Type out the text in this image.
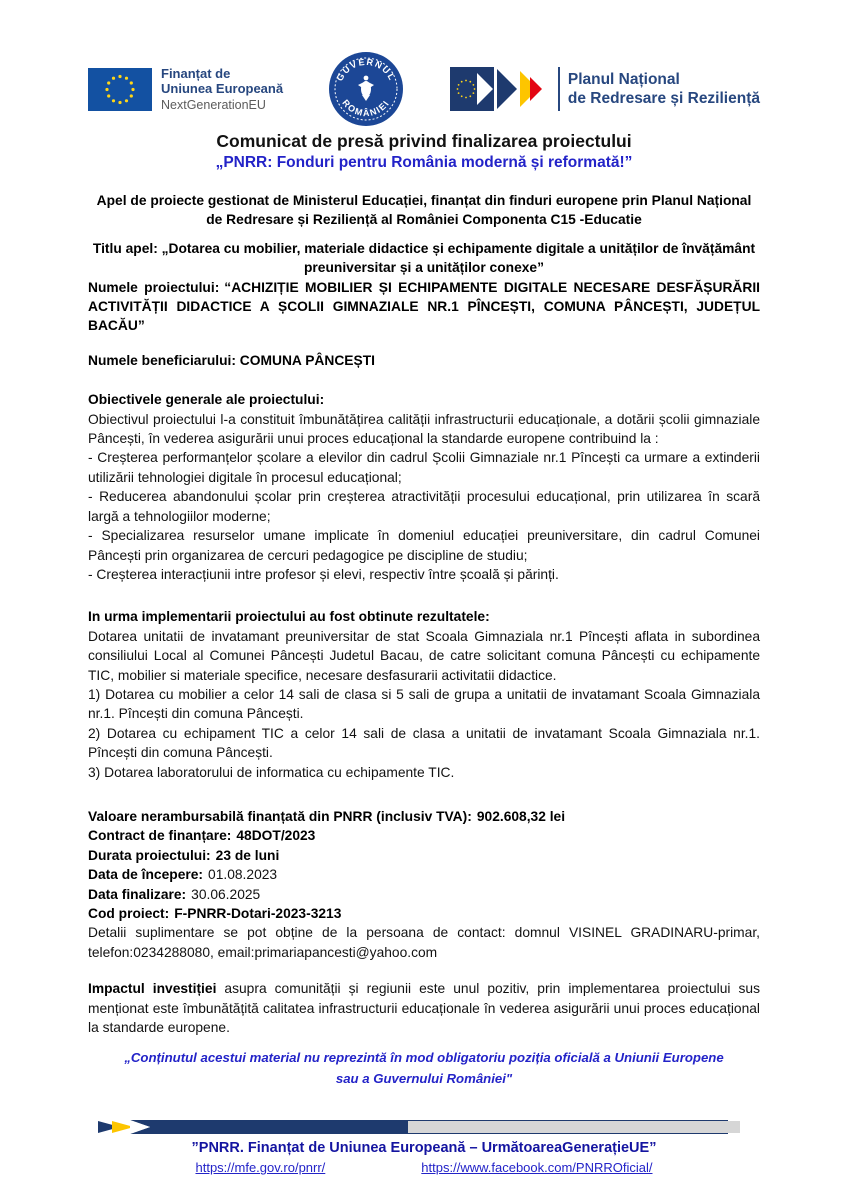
Finanțat de
Uniunea Europeană
NextGenerationEU
GUVERNUL
ROMÂNIEI
Planul Național
de Redresare și Reziliență
Comunicat de presă privind finalizarea proiectului
„PNRR: Fonduri pentru România modernă și reformată!”

Apel de proiecte gestionat de Ministerul Educației, finanțat din finduri europene prin Planul Național de Redresare și Reziliență al României Componenta C15 -Educatie

Titlu apel: „Dotarea cu mobilier, materiale didactice și echipamente digitale a unităților de învățământ preuniversitar și a unităților conexe”

Numele proiectului: “ACHIZIȚIE MOBILIER ȘI ECHIPAMENTE DIGITALE NECESARE DESFĂȘURĂRII ACTIVITĂȚII DIDACTICE A ȘCOLII GIMNAZIALE NR.1 PÎNCEȘTI, COMUNA PÂNCEȘTI, JUDEȚUL BACĂU”

Numele beneficiarului: COMUNA PÂNCEȘTI

Obiectivele generale ale proiectului:

Obiectivul proiectului l-a constituit îmbunătățirea calității infrastructurii educaționale, a dotării școlii gimnaziale Pâncești, în vederea asigurării unui proces educațional la standarde europene contribuind la :

- Creșterea performanțelor școlare a elevilor din cadrul Școlii Gimnaziale nr.1 Pîncești ca urmare a extinderii utilizării tehnologiei digitale în procesul educațional;

- Reducerea abandonului școlar prin creșterea atractivității procesului educațional, prin utilizarea în scară largă a tehnologiilor moderne;

- Specializarea resurselor umane implicate în domeniul educației preuniversitare, din cadrul Comunei Pâncești prin organizarea de cercuri pedagogice pe discipline de studiu;

- Creșterea interacțiunii intre profesor și elevi, respectiv între școală și părinți.

In urma implementarii proiectului au fost obtinute rezultatele:

Dotarea unitatii de invatamant preuniversitar de stat Scoala Gimnaziala nr.1 Pîncești aflata in subordinea consiliului Local al Comunei Pâncești Judetul Bacau, de catre solicitant comuna Pâncești cu echipamente TIC, mobilier si materiale specifice, necesare desfasurarii activitatii didactice.

1) Dotarea cu mobilier a celor 14 sali de clasa si 5 sali de grupa a unitatii de invatamant Scoala Gimnaziala nr.1. Pîncești din comuna Pâncești.

2) Dotarea cu echipament TIC a celor 14 sali de clasa a unitatii de invatamant Scoala Gimnaziala nr.1. Pîncești din comuna Pâncești.

3) Dotarea laboratorului de informatica cu echipamente TIC.

Valoare nerambursabilă finanțată din PNRR (inclusiv TVA): 902.608,32 lei

Contract de finanțare: 48DOT/2023

Durata proiectului: 23 de luni

Data de începere: 01.08.2023

Data finalizare: 30.06.2025

Cod proiect: F-PNRR-Dotari-2023-3213

Detalii suplimentare se pot obține de la persoana de contact: domnul VISINEL GRADINARU-primar, telefon:0234288080, email:primariapancesti@yahoo.com

Impactul investiției asupra comunității și regiunii este unul pozitiv, prin implementarea proiectului sus menționat este îmbunătățită calitatea infrastructurii educaționale în vederea asigurării unui proces educațional la standarde europene.

„Conținutul acestui material nu reprezintă în mod obligatoriu poziția oficială a Uniunii Europene sau a Guvernului României"
”PNRR. Finanțat de Uniunea Europeană – UrmătoareaGenerațieUE”
https://mfe.gov.ro/pnrr/	https://www.facebook.com/PNRROficial/
